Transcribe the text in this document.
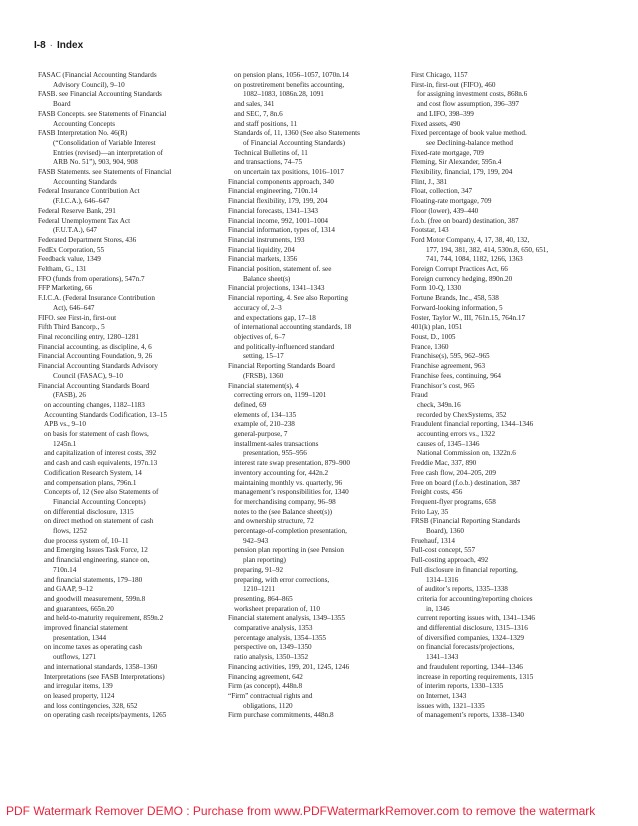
I-8 · Index
FASAC (Financial Accounting Standards
Advisory Council), 9–10
FASB. see Financial Accounting Standards
Board
FASB Concepts. see Statements of Financial
Accounting Concepts
FASB Interpretation No. 46(R)
(“Consolidation of Variable Interest
Entries (revised)—an interpretation of
ARB No. 51”), 903, 904, 908
FASB Statements. see Statements of Financial
Accounting Standards
Federal Insurance Contribution Act
(F.I.C.A.), 646–647
Federal Reserve Bank, 291
Federal Unemployment Tax Act
(F.U.T.A.), 647
Federated Department Stores, 436
FedEx Corporation, 55
Feedback value, 1349
Feltham, G., 131
FFO (funds from operations), 547n.7
FFP Marketing, 66
F.I.C.A. (Federal Insurance Contribution
Act), 646–647
FIFO. see First-in, first-out
Fifth Third Bancorp., 5
Final reconciling entry, 1280–1281
Financial accounting, as discipline, 4, 6
Financial Accounting Foundation, 9, 26
Financial Accounting Standards Advisory
Council (FASAC), 9–10
Financial Accounting Standards Board
(FASB), 26
on accounting changes, 1182–1183
Accounting Standards Codification, 13–15
APB vs., 9–10
on basis for statement of cash flows,
1245n.1
and capitalization of interest costs, 392
and cash and cash equivalents, 197n.13
Codification Research System, 14
and compensation plans, 796n.1
Concepts of, 12 (See also Statements of
Financial Accounting Concepts)
on differential disclosure, 1315
on direct method on statement of cash
flows, 1252
due process system of, 10–11
and Emerging Issues Task Force, 12
and financial engineering, stance on,
710n.14
and financial statements, 179–180
and GAAP, 9–12
and goodwill measurement, 599n.8
and guarantees, 665n.20
and held-to-maturity requirement, 859n.2
improved financial statement
presentation, 1344
on income taxes as operating cash
outflows, 1271
and international standards, 1358–1360
Interpretations (see FASB Interpretations)
and irregular items, 139
on leased property, 1124
and loss contingencies, 328, 652
on operating cash receipts/payments, 1265
on pension plans, 1056–1057, 1070n.14
on postretirement benefits accounting,
1082–1083, 1086n.28, 1091
and sales, 341
and SEC, 7, 8n.6
and staff positions, 11
Standards of, 11, 1360 (See also Statements
of Financial Accounting Standards)
Technical Bulletins of, 11
and transactions, 74–75
on uncertain tax positions, 1016–1017
Financial components approach, 340
Financial engineering, 710n.14
Financial flexibility, 179, 199, 204
Financial forecasts, 1341–1343
Financial income, 992, 1001–1004
Financial information, types of, 1314
Financial instruments, 193
Financial liquidity, 204
Financial markets, 1356
Financial position, statement of. see
Balance sheet(s)
Financial projections, 1341–1343
Financial reporting, 4. See also Reporting
accuracy of, 2–3
and expectations gap, 17–18
of international accounting standards, 18
objectives of, 6–7
and politically-influenced standard
setting, 15–17
Financial Reporting Standards Board
(FRSB), 1360
Financial statement(s), 4
correcting errors on, 1199–1201
defined, 69
elements of, 134–135
example of, 210–238
general-purpose, 7
installment-sales transactions
presentation, 955–956
interest rate swap presentation, 879–900
inventory accounting for, 442n.2
maintaining monthly vs. quarterly, 96
management’s responsibilities for, 1340
for merchandising company, 96–98
notes to the (see Balance sheet(s))
and ownership structure, 72
percentage-of-completion presentation,
942–943
pension plan reporting in (see Pension
plan reporting)
preparing, 91–92
preparing, with error corrections,
1210–1211
presenting, 864–865
worksheet preparation of, 110
Financial statement analysis, 1349–1355
comparative analysis, 1353
percentage analysis, 1354–1355
perspective on, 1349–1350
ratio analysis, 1350–1352
Financing activities, 199, 201, 1245, 1246
Financing agreement, 642
Firm (as concept), 448n.8
“Firm” contractual rights and
obligations, 1120
Firm purchase commitments, 448n.8
First Chicago, 1157
First-in, first-out (FIFO), 460
for assigning investment costs, 868n.6
and cost flow assumption, 396–397
and LIFO, 398–399
Fixed assets, 490
Fixed percentage of book value method.
see Declining-balance method
Fixed-rate mortgage, 709
Fleming, Sir Alexander, 595n.4
Flexibility, financial, 179, 199, 204
Flint, J., 381
Float, collection, 347
Floating-rate mortgage, 709
Floor (lower), 439–440
f.o.b. (free on board) destination, 387
Footstar, 143
Ford Motor Company, 4, 17, 38, 40, 132,
177, 194, 381, 382, 414, 530n.8, 650, 651,
741, 744, 1084, 1182, 1266, 1363
Foreign Corrupt Practices Act, 66
Foreign currency hedging, 890n.20
Form 10-Q, 1330
Fortune Brands, Inc., 458, 538
Forward-looking information, 5
Foster, Taylor W., III, 761n.15, 764n.17
401(k) plan, 1051
Foust, D., 1005
France, 1360
Franchise(s), 595, 962–965
Franchise agreement, 963
Franchise fees, continuing, 964
Franchisor’s cost, 965
Fraud
check, 349n.16
recorded by ChexSystems, 352
Fraudulent financial reporting, 1344–1346
accounting errors vs., 1322
causes of, 1345–1346
National Commission on, 1322n.6
Freddie Mac, 337, 890
Free cash flow, 204–205, 209
Free on board (f.o.b.) destination, 387
Freight costs, 456
Frequent-flyer programs, 658
Frito Lay, 35
FRSB (Financial Reporting Standards
Board), 1360
Fruehauf, 1314
Full-cost concept, 557
Full-costing approach, 492
Full disclosure in financial reporting,
1314–1316
of auditor’s reports, 1335–1338
criteria for accounting/reporting choices
in, 1346
current reporting issues with, 1341–1346
and differential disclosure, 1315–1316
of diversified companies, 1324–1329
on financial forecasts/projections,
1341–1343
and fraudulent reporting, 1344–1346
increase in reporting requirements, 1315
of interim reports, 1330–1335
on Internet, 1343
issues with, 1321–1335
of management’s reports, 1338–1340
PDF Watermark Remover DEMO : Purchase from www.PDFWatermarkRemover.com to remove the watermark
